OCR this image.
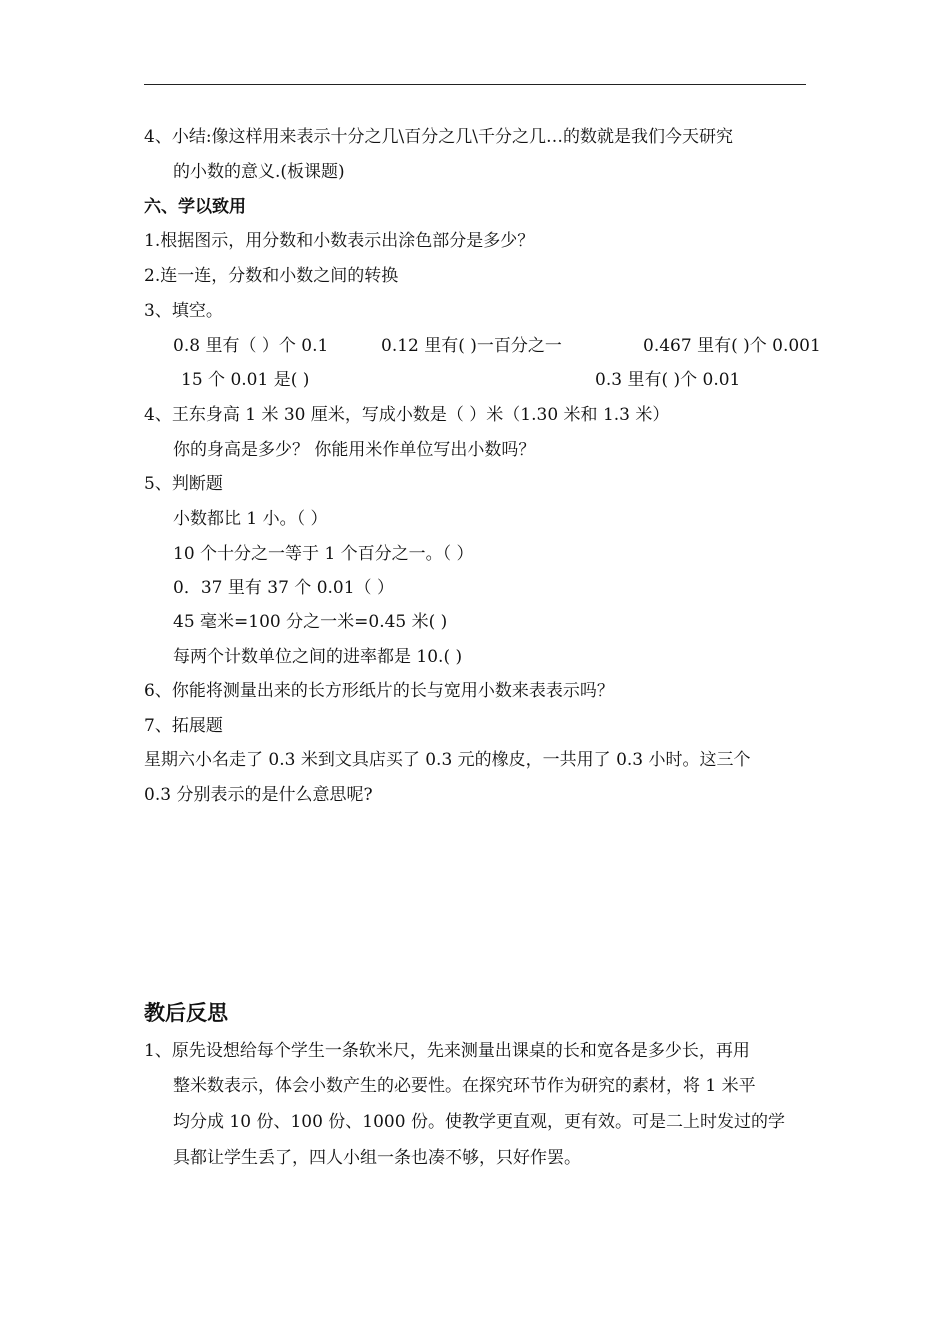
4、小结:像这样用来表示十分之几\百分之几\千分之几…的数就是我们今天研究
的小数的意义.(板课题)
六、学以致用
1.根据图示，用分数和小数表示出涂色部分是多少？
2.连一连，分数和小数之间的转换
3、填空。
0.8 里有（ ）个 0.1	0.12 里有( )一百分之一	0.467 里有( )个 0.001
15 个 0.01 是( )	0.3 里有( )个 0.01
4、王东身高 1 米 30 厘米，写成小数是（ ）米（1.30 米和 1.3 米）
你的身高是多少？ 你能用米作单位写出小数吗？
5、判断题
小数都比 1 小。（ ）
10 个十分之一等于 1 个百分之一。（ ）
0．37 里有 37 个 0.01（ ）
45 毫米=100 分之一米=0.45 米( )
每两个计数单位之间的进率都是 10.( )
6、你能将测量出来的长方形纸片的长与宽用小数来表表示吗？
7、拓展题
星期六小名走了 0.3 米到文具店买了 0.3 元的橡皮，一共用了 0.3 小时。这三个
0.3 分别表示的是什么意思呢?
教后反思
1、原先设想给每个学生一条软米尺，先来测量出课桌的长和宽各是多少长，再用
整米数表示，体会小数产生的必要性。在探究环节作为研究的素材，将 1 米平
均分成 10 份、100 份、1000 份。使教学更直观，更有效。可是二上时发过的学
具都让学生丢了，四人小组一条也凑不够，只好作罢。
